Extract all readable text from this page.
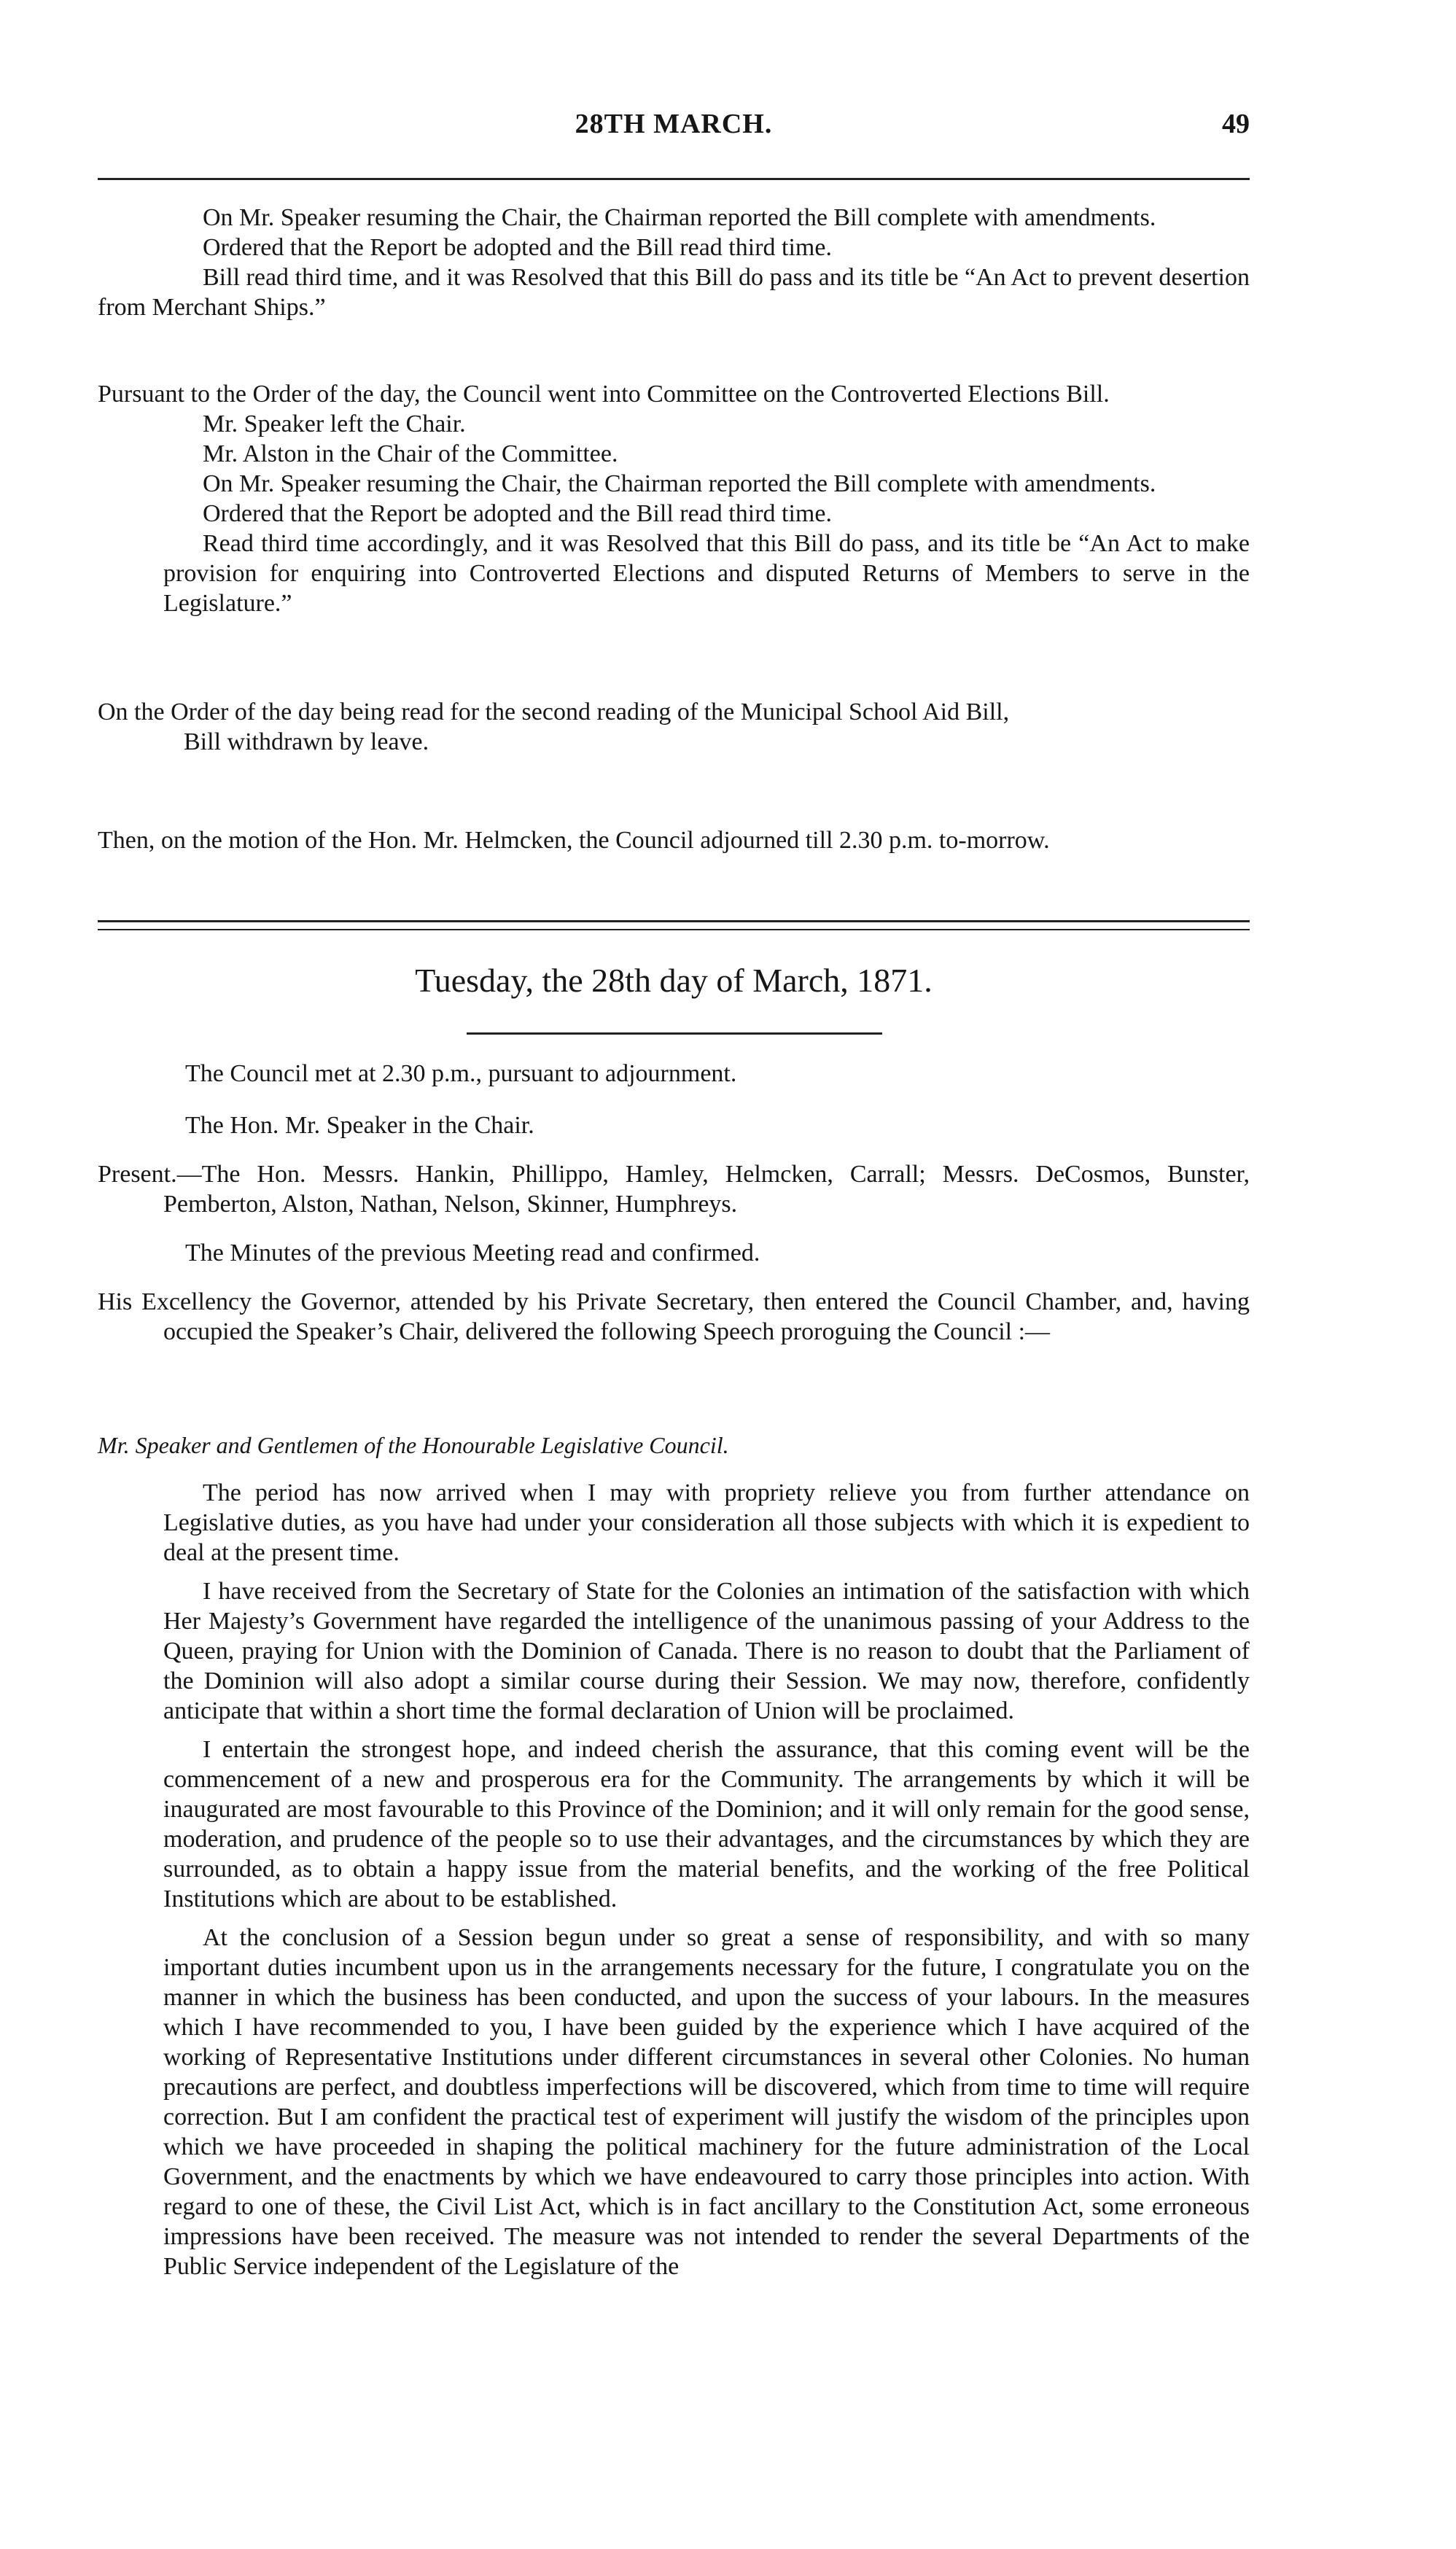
28TH MARCH.	49

On Mr. Speaker resuming the Chair, the Chairman reported the Bill complete with amendments.

Ordered that the Report be adopted and the Bill read third time.

Bill read third time, and it was Resolved that this Bill do pass and its title be “An Act to prevent desertion from Merchant Ships.”

Pursuant to the Order of the day, the Council went into Committee on the Controverted Elections Bill.

Mr. Speaker left the Chair.

Mr. Alston in the Chair of the Committee.

On Mr. Speaker resuming the Chair, the Chairman reported the Bill complete with amendments.

Ordered that the Report be adopted and the Bill read third time.

Read third time accordingly, and it was Resolved that this Bill do pass, and its title be “An Act to make provision for enquiring into Controverted Elections and disputed Returns of Members to serve in the Legislature.”

On the Order of the day being read for the second reading of the Municipal School Aid Bill,

Bill withdrawn by leave.

Then, on the motion of the Hon. Mr. Helmcken, the Council adjourned till 2.30 p.m. to-morrow.

Tuesday, the 28th day of March, 1871.

The Council met at 2.30 p.m., pursuant to adjournment.

The Hon. Mr. Speaker in the Chair.

Present.—The Hon. Messrs. Hankin, Phillippo, Hamley, Helmcken, Carrall; Messrs. DeCosmos, Bunster, Pemberton, Alston, Nathan, Nelson, Skinner, Humphreys.

The Minutes of the previous Meeting read and confirmed.

His Excellency the Governor, attended by his Private Secretary, then entered the Council Chamber, and, having occupied the Speaker’s Chair, delivered the following Speech proroguing the Council :—

Mr. Speaker and Gentlemen of the Honourable Legislative Council.

The period has now arrived when I may with propriety relieve you from further attendance on Legislative duties, as you have had under your consideration all those subjects with which it is expedient to deal at the present time.

I have received from the Secretary of State for the Colonies an intimation of the satisfaction with which Her Majesty’s Government have regarded the intelligence of the unanimous passing of your Address to the Queen, praying for Union with the Dominion of Canada. There is no reason to doubt that the Parliament of the Dominion will also adopt a similar course during their Session. We may now, therefore, confidently anticipate that within a short time the formal declaration of Union will be proclaimed.

I entertain the strongest hope, and indeed cherish the assurance, that this coming event will be the commencement of a new and prosperous era for the Community. The arrangements by which it will be inaugurated are most favourable to this Province of the Dominion; and it will only remain for the good sense, moderation, and prudence of the people so to use their advantages, and the circumstances by which they are surrounded, as to obtain a happy issue from the material benefits, and the working of the free Political Institutions which are about to be established.

At the conclusion of a Session begun under so great a sense of responsibility, and with so many important duties incumbent upon us in the arrangements necessary for the future, I congratulate you on the manner in which the business has been conducted, and upon the success of your labours. In the measures which I have recommended to you, I have been guided by the experience which I have acquired of the working of Representative Institutions under different circumstances in several other Colonies. No human precautions are perfect, and doubtless imperfections will be discovered, which from time to time will require correction. But I am confident the practical test of experiment will justify the wisdom of the principles upon which we have proceeded in shaping the political machinery for the future administration of the Local Government, and the enactments by which we have endeavoured to carry those principles into action. With regard to one of these, the Civil List Act, which is in fact ancillary to the Constitution Act, some erroneous impressions have been received. The measure was not intended to render the several Departments of the Public Service independent of the Legislature of the
